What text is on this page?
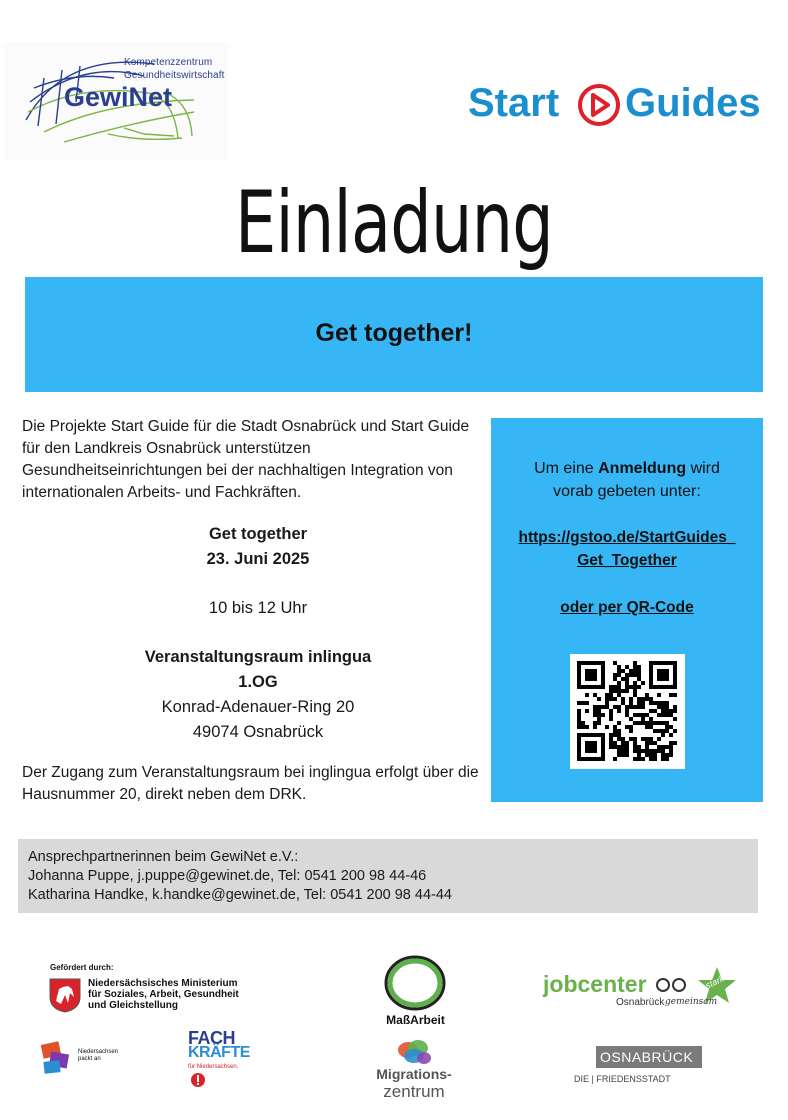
Kompetenzzentrum
Gesundheitswirtschaft
GewiNet	Start Guides
Einladung
Get together!
Die Projekte Start Guide für die Stadt Osnabrück und Start Guide für den Landkreis Osnabrück unterstützen Gesundheitseinrichtungen bei der nachhaltigen Integration von internationalen Arbeits- und Fachkräften.
Get together
23. Juni 2025
10 bis 12 Uhr
Veranstaltungsraum inlingua
1.OG
Konrad-Adenauer-Ring 20
49074 Osnabrück
Der Zugang zum Veranstaltungsraum bei inglingua erfolgt über die Hausnummer 20, direkt neben dem DRK.
Um eine Anmeldung wird
vorab gebeten unter:
https://gstoo.de/StartGuides_
Get_Together
oder per QR-Code
Ansprechpartnerinnen beim GewiNet e.V.:
Johanna Puppe, j.puppe@gewinet.de, Tel: 0541 200 98 44-46
Katharina Handke, k.handke@gewinet.de, Tel: 0541 200 98 44-44
Gefördert durch:
Niedersächsisches Ministerium
für Soziales, Arbeit, Gesundheit
und Gleichstellung
MaßArbeit
Migrations-
zentrum
jobcenter	stark
Osnabrück gemeinsam
Niedersachsen
packt an
FACH
KRÄFTE
für Niedersachsen.
OSNABRÜCK
DIE | FRIEDENSSTADT
